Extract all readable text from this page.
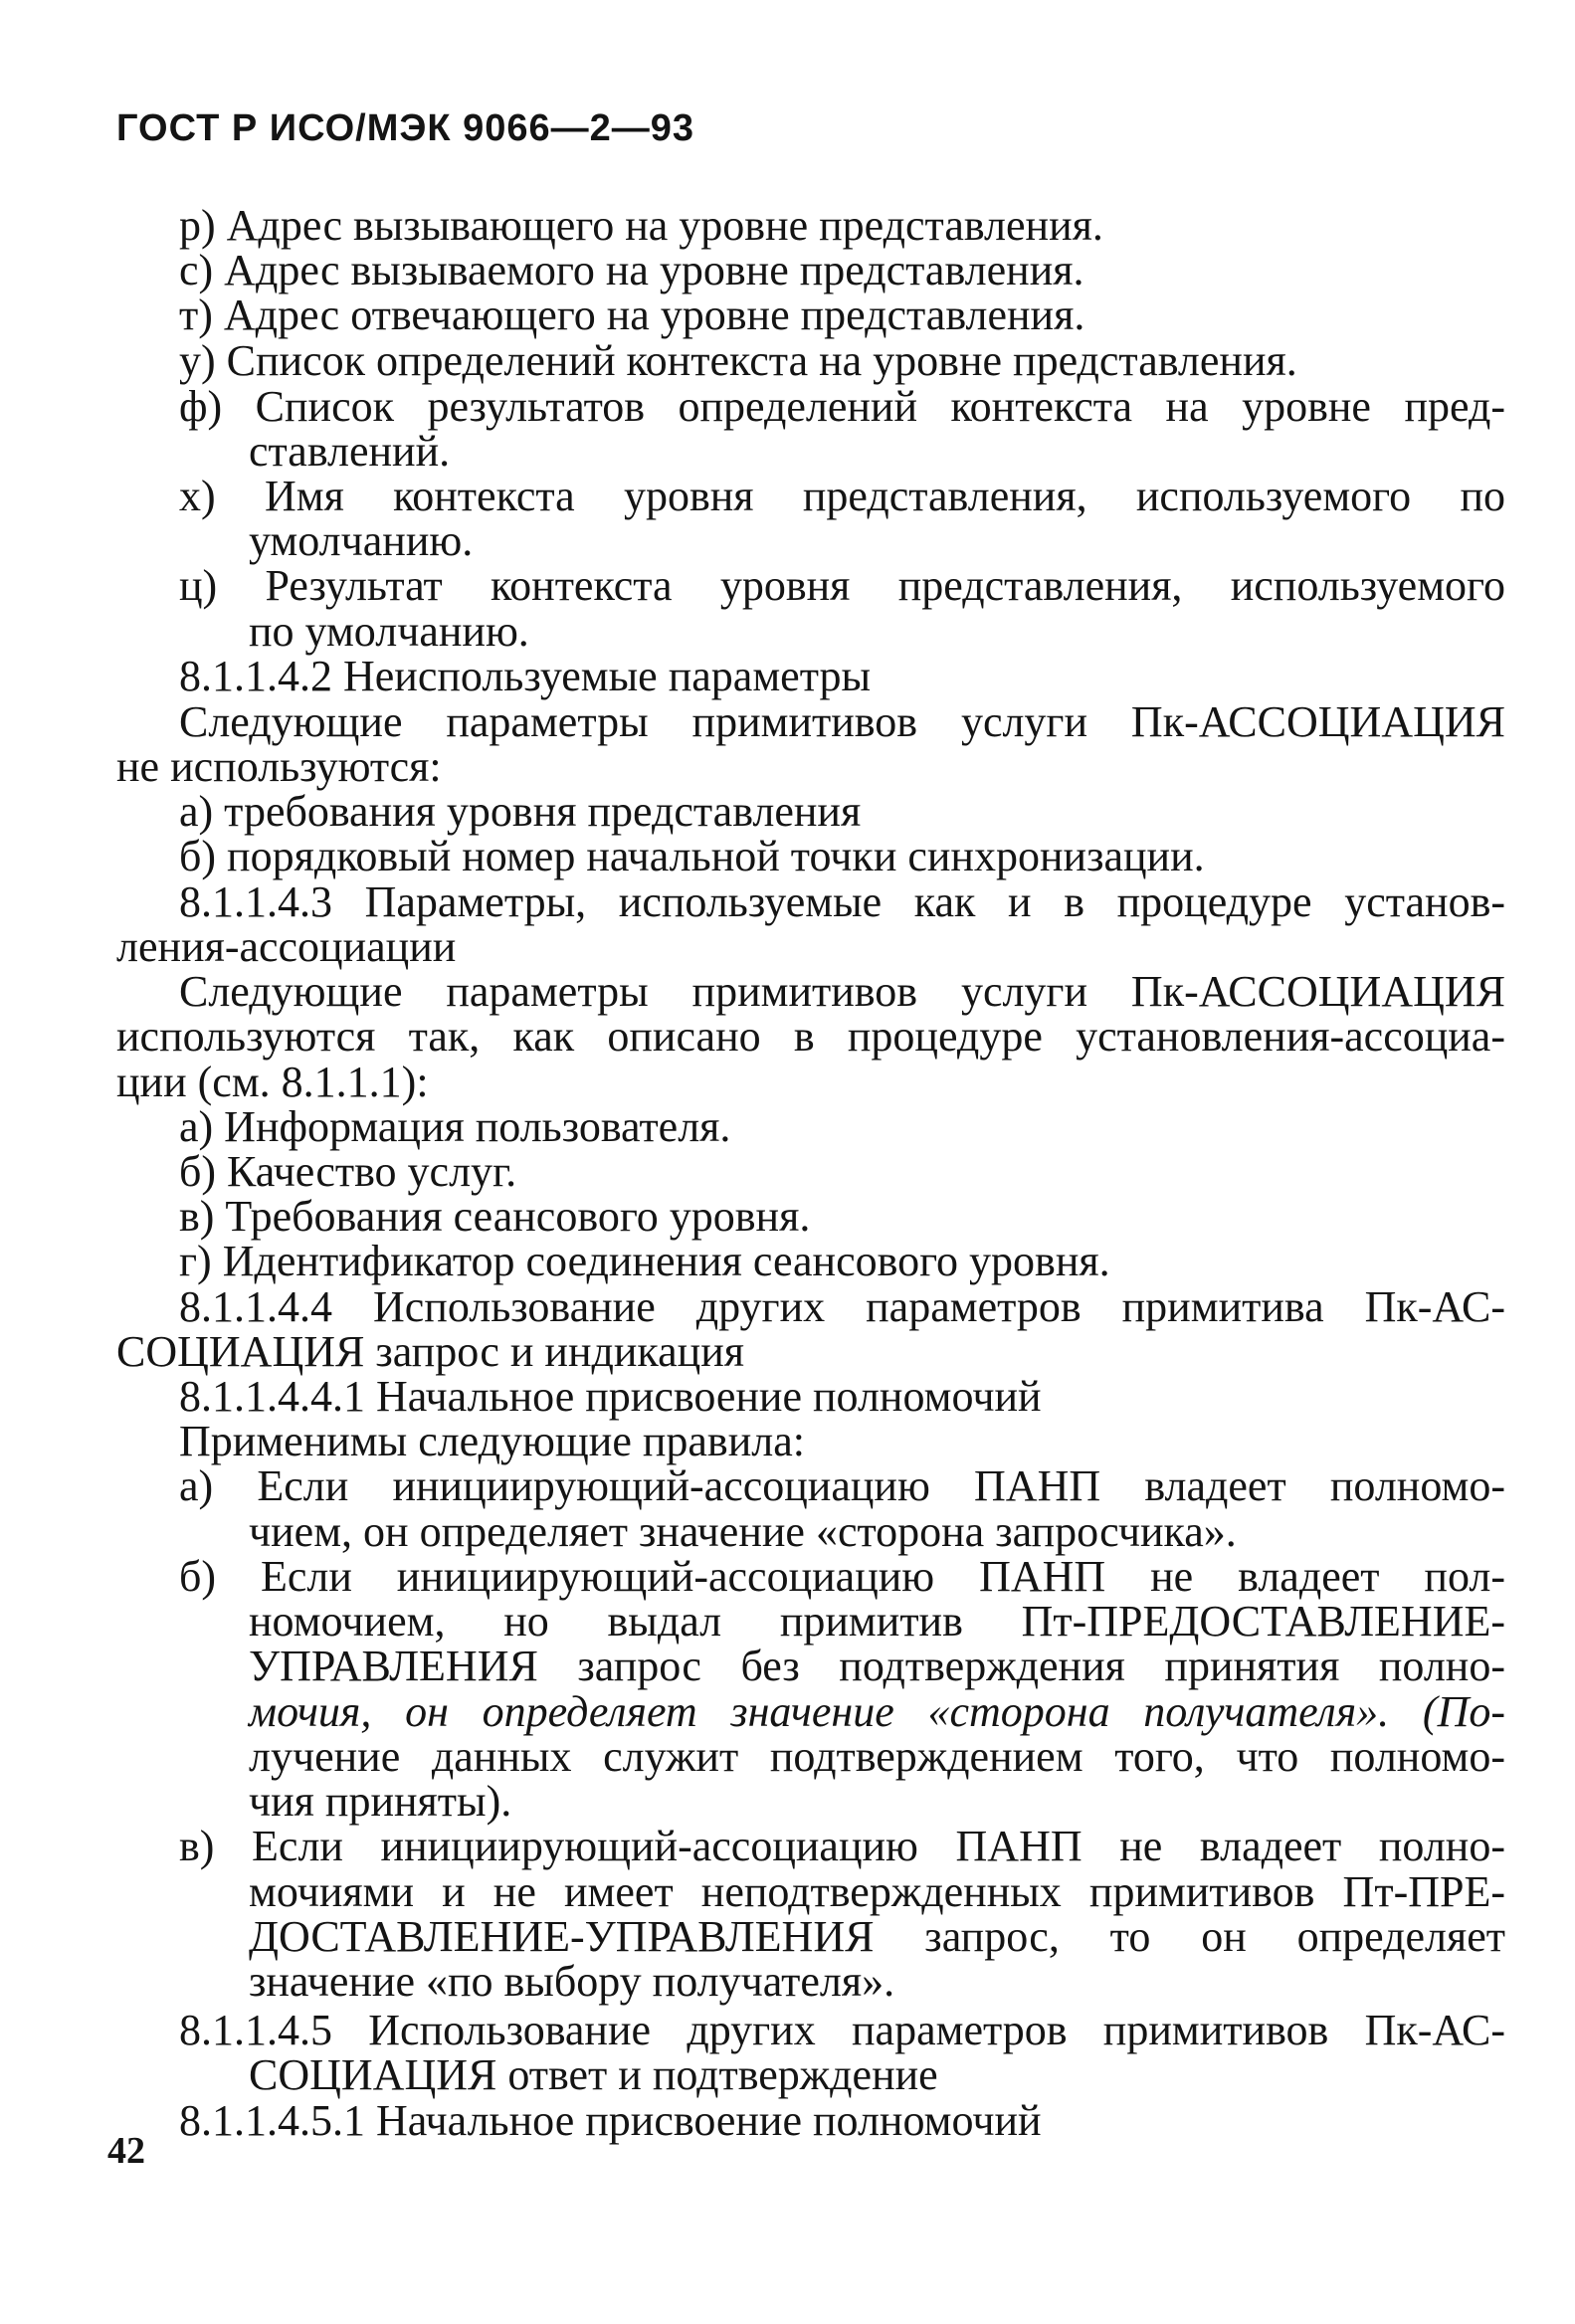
ГОСТ Р ИСО/МЭК 9066—2—93
р) Адрес вызывающего на уровне представления.
с) Адрес вызываемого на уровне представления.
т) Адрес отвечающего на уровне представления.
у) Список определений контекста на уровне представления.
ф) Список результатов определений контекста на уровне пред-
ставлений.
х) Имя контекста уровня представления, используемого по
умолчанию.
ц) Результат контекста уровня представления, используемого
по умолчанию.
8.1.1.4.2 Неиспользуемые параметры
Следующие параметры примитивов услуги Пк-АССОЦИАЦИЯ
не используются:
а) требования уровня представления
б) порядковый номер начальной точки синхронизации.
8.1.1.4.3 Параметры, используемые как и в процедуре установ-
ления-ассоциации
Следующие параметры примитивов услуги Пк-АССОЦИАЦИЯ
используются так, как описано в процедуре установления-ассоциа-
ции (см. 8.1.1.1):
а) Информация пользователя.
б) Качество услуг.
в) Требования сеансового уровня.
г) Идентификатор соединения сеансового уровня.
8.1.1.4.4 Использование других параметров примитива Пк-АС-
СОЦИАЦИЯ запрос и индикация
8.1.1.4.4.1 Начальное присвоение полномочий
Применимы следующие правила:
а) Если инициирующий-ассоциацию ПАНП владеет полномо-
чием, он определяет значение «сторона запросчика».
б) Если инициирующий-ассоциацию ПАНП не владеет пол-
номочием, но выдал примитив Пт-ПРЕДОСТАВЛЕНИЕ-
УПРАВЛЕНИЯ запрос без подтверждения принятия полно-
мочия, он определяет значение «сторона получателя». (По-
лучение данных служит подтверждением того, что полномо-
чия приняты).
в) Если инициирующий-ассоциацию ПАНП не владеет полно-
мочиями и не имеет неподтвержденных примитивов Пт-ПРЕ-
ДОСТАВЛЕНИЕ-УПРАВЛЕНИЯ запрос, то он определяет
значение «по выбору получателя».
8.1.1.4.5 Использование других параметров примитивов Пк-АС-
СОЦИАЦИЯ ответ и подтверждение
8.1.1.4.5.1 Начальное присвоение полномочий
42
